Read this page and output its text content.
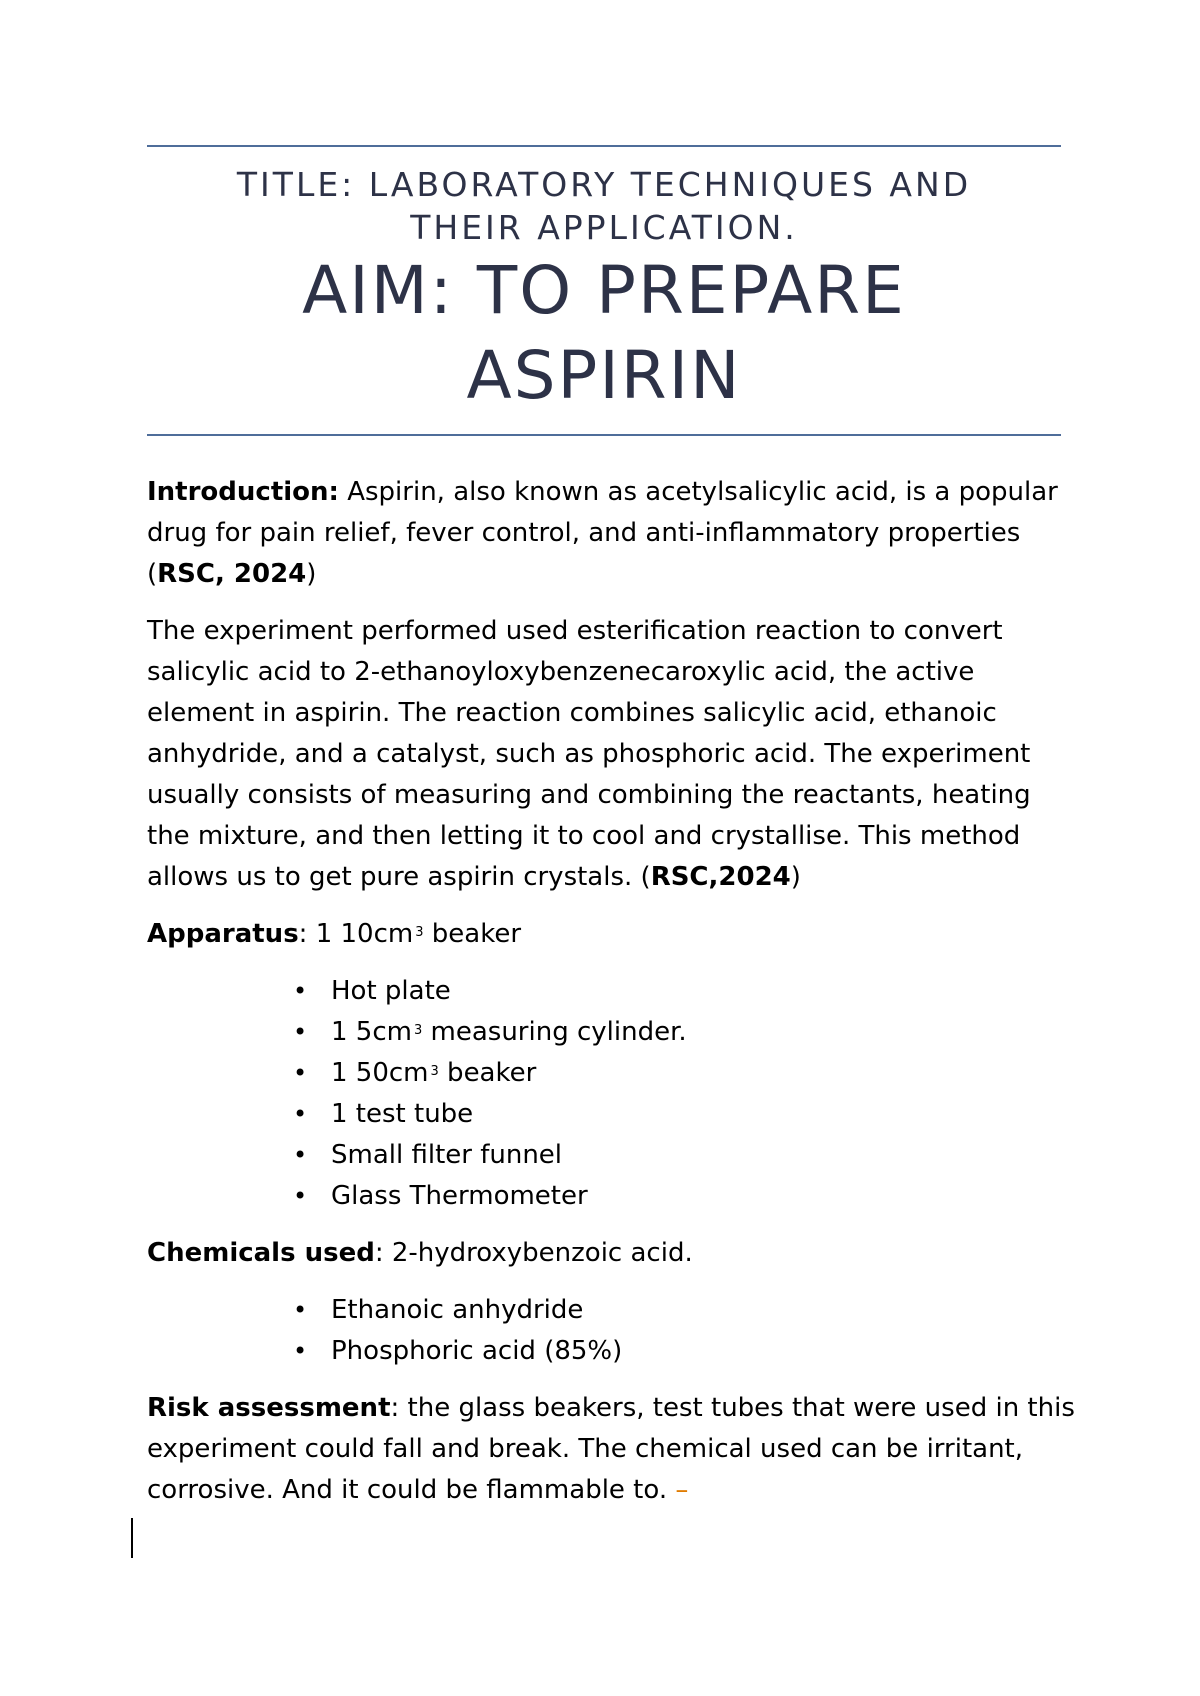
TITLE: LABORATORY TECHNIQUES AND
THEIR APPLICATION.
AIM: TO PREPARE
ASPIRIN

Introduction: Aspirin, also known as acetylsalicylic acid, is a popular drug for pain relief, fever control, and anti-inflammatory properties (RSC, 2024)

The experiment performed used esterification reaction to convert salicylic acid to 2-ethanoyloxybenzenecaroxylic acid, the active element in aspirin. The reaction combines salicylic acid, ethanoic anhydride, and a catalyst, such as phosphoric acid. The experiment usually consists of measuring and combining the reactants, heating the mixture, and then letting it to cool and crystallise. This method allows us to get pure aspirin crystals. (RSC,2024)

Apparatus: 1 10cm $^3$ beaker

• Hot plate
• 1 5cm $^3$ measuring cylinder.
• 1 50cm $^3$ beaker
• 1 test tube
• Small filter funnel
• Glass Thermometer

Chemicals used: 2-hydroxybenzoic acid.

• Ethanoic anhydride
• Phosphoric acid (85%)

Risk assessment: the glass beakers, test tubes that were used in this experiment could fall and break. The chemical used can be irritant, corrosive. And it could be flammable to. –
